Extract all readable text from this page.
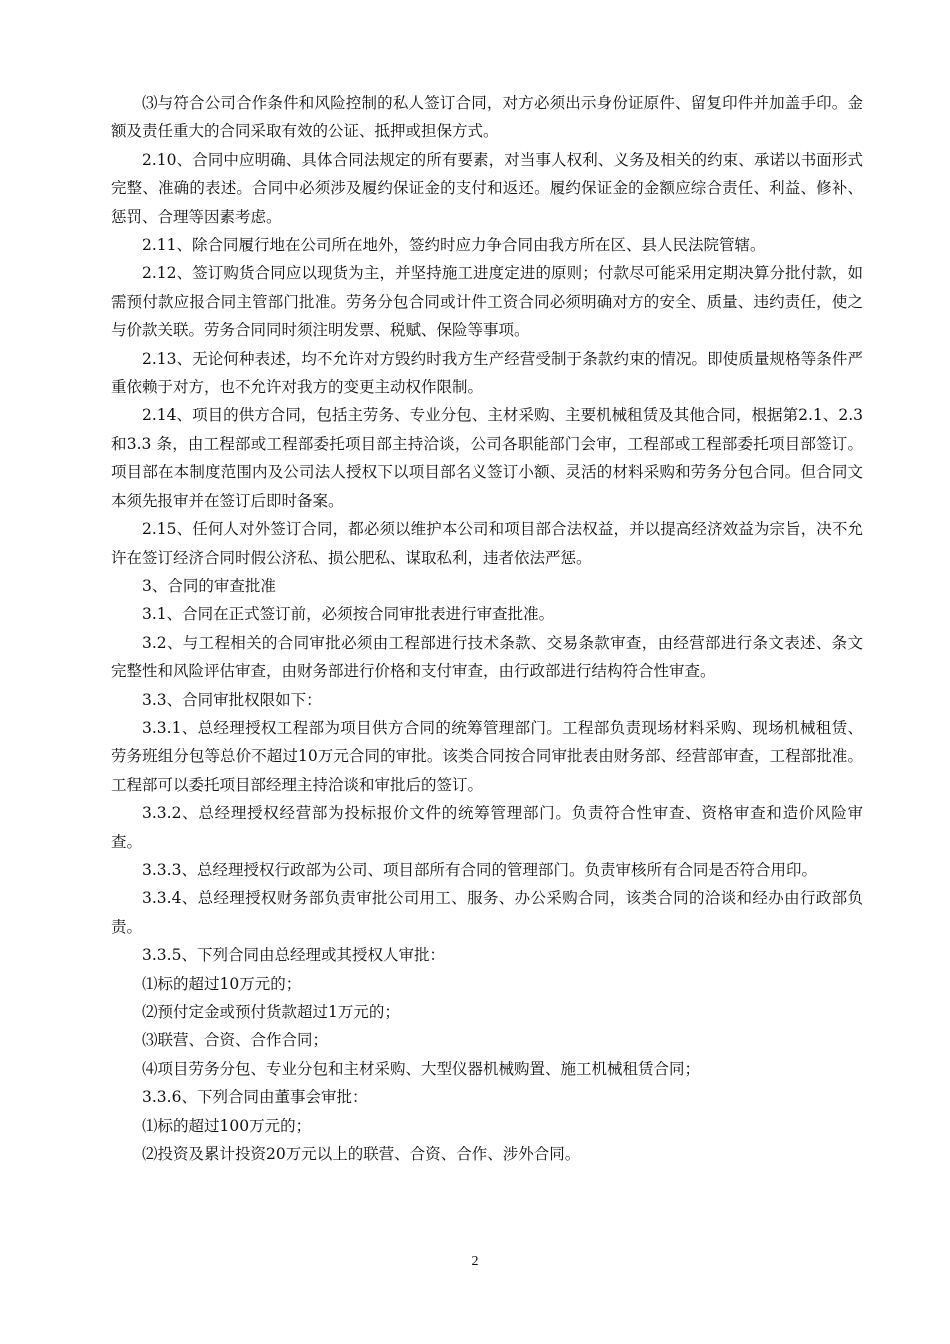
⑶与符合公司合作条件和风险控制的私人签订合同，对方必须出示身份证原件、留复印件并加盖手印。金额及责任重大的合同采取有效的公证、抵押或担保方式。

2.10、合同中应明确、具体合同法规定的所有要素，对当事人权利、义务及相关的约束、承诺以书面形式完整、准确的表述。合同中必须涉及履约保证金的支付和返还。履约保证金的金额应综合责任、利益、修补、惩罚、合理等因素考虑。

2.11、除合同履行地在公司所在地外，签约时应力争合同由我方所在区、县人民法院管辖。

2.12、签订购货合同应以现货为主，并坚持施工进度定进的原则；付款尽可能采用定期决算分批付款，如需预付款应报合同主管部门批准。劳务分包合同或计件工资合同必须明确对方的安全、质量、违约责任，使之与价款关联。劳务合同同时须注明发票、税赋、保险等事项。

2.13、无论何种表述，均不允许对方毁约时我方生产经营受制于条款约束的情况。即使质量规格等条件严重依赖于对方，也不允许对我方的变更主动权作限制。

2.14、项目的供方合同，包括主劳务、专业分包、主材采购、主要机械租赁及其他合同，根据第2.1、2.3和3.3 条，由工程部或工程部委托项目部主持洽谈，公司各职能部门会审，工程部或工程部委托项目部签订。项目部在本制度范围内及公司法人授权下以项目部名义签订小额、灵活的材料采购和劳务分包合同。但合同文本须先报审并在签订后即时备案。

2.15、任何人对外签订合同，都必须以维护本公司和项目部合法权益，并以提高经济效益为宗旨，决不允许在签订经济合同时假公济私、损公肥私、谋取私利，违者依法严惩。

3、合同的审查批准

3.1、合同在正式签订前，必须按合同审批表进行审查批准。

3.2、与工程相关的合同审批必须由工程部进行技术条款、交易条款审查，由经营部进行条文表述、条文完整性和风险评估审查，由财务部进行价格和支付审查，由行政部进行结构符合性审查。

3.3、合同审批权限如下：

3.3.1、总经理授权工程部为项目供方合同的统筹管理部门。工程部负责现场材料采购、现场机械租赁、劳务班组分包等总价不超过10万元合同的审批。该类合同按合同审批表由财务部、经营部审查，工程部批准。工程部可以委托项目部经理主持洽谈和审批后的签订。

3.3.2、总经理授权经营部为投标报价文件的统筹管理部门。负责符合性审查、资格审查和造价风险审查。

3.3.3、总经理授权行政部为公司、项目部所有合同的管理部门。负责审核所有合同是否符合用印。

3.3.4、总经理授权财务部负责审批公司用工、服务、办公采购合同，该类合同的洽谈和经办由行政部负责。

3.3.5、下列合同由总经理或其授权人审批：

⑴标的超过10万元的；

⑵预付定金或预付货款超过1万元的；

⑶联营、合资、合作合同；

⑷项目劳务分包、专业分包和主材采购、大型仪器机械购置、施工机械租赁合同；

3.3.6、下列合同由董事会审批：

⑴标的超过100万元的；

⑵投资及累计投资20万元以上的联营、合资、合作、涉外合同。

2
